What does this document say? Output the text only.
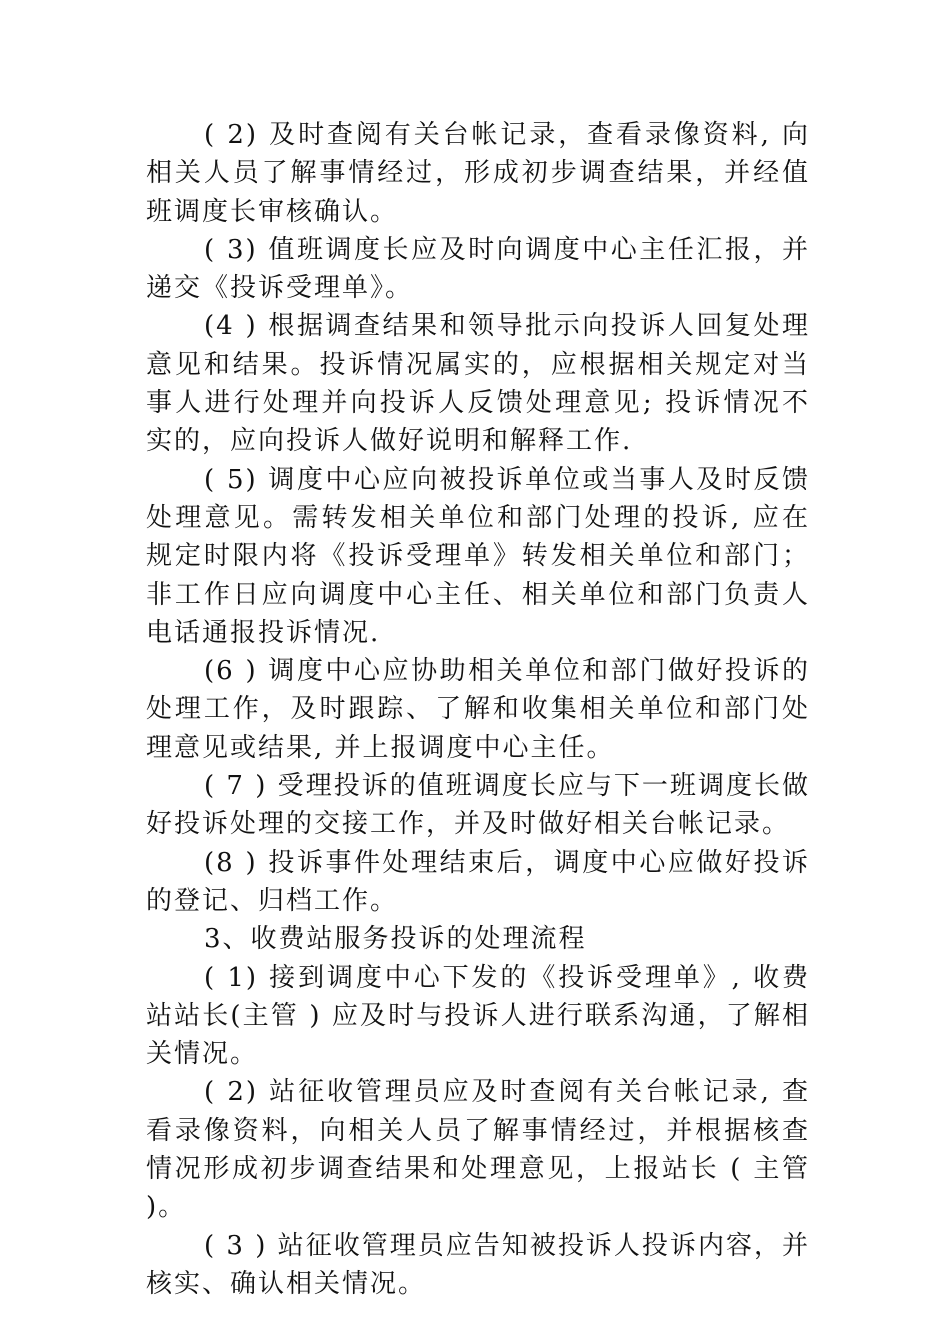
( 2) 及时查阅有关台帐记录，查看录像资料, 向相关人员了解事情经过，形成初步调查结果，并经值班调度长审核确认。

( 3) 值班调度长应及时向调度中心主任汇报，并递交《投诉受理单》。

(4 ) 根据调查结果和领导批示向投诉人回复处理意见和结果。投诉情况属实的，应根据相关规定对当事人进行处理并向投诉人反馈处理意见; 投诉情况不实的，应向投诉人做好说明和解释工作.

( 5) 调度中心应向被投诉单位或当事人及时反馈处理意见。需转发相关单位和部门处理的投诉, 应在规定时限内将《投诉受理单》转发相关单位和部门；非工作日应向调度中心主任、相关单位和部门负责人电话通报投诉情况.

(6 ) 调度中心应协助相关单位和部门做好投诉的处理工作，及时跟踪、了解和收集相关单位和部门处理意见或结果, 并上报调度中心主任。

( 7 ) 受理投诉的值班调度长应与下一班调度长做好投诉处理的交接工作，并及时做好相关台帐记录。

(8 ) 投诉事件处理结束后，调度中心应做好投诉的登记、归档工作。

3、收费站服务投诉的处理流程

( 1) 接到调度中心下发的《投诉受理单》, 收费站站长(主管 ) 应及时与投诉人进行联系沟通，了解相关情况。

( 2) 站征收管理员应及时查阅有关台帐记录, 查看录像资料，向相关人员了解事情经过，并根据核查情况形成初步调查结果和处理意见，上报站长 ( 主管 )。

( 3 ) 站征收管理员应告知被投诉人投诉内容，并核实、确认相关情况。
